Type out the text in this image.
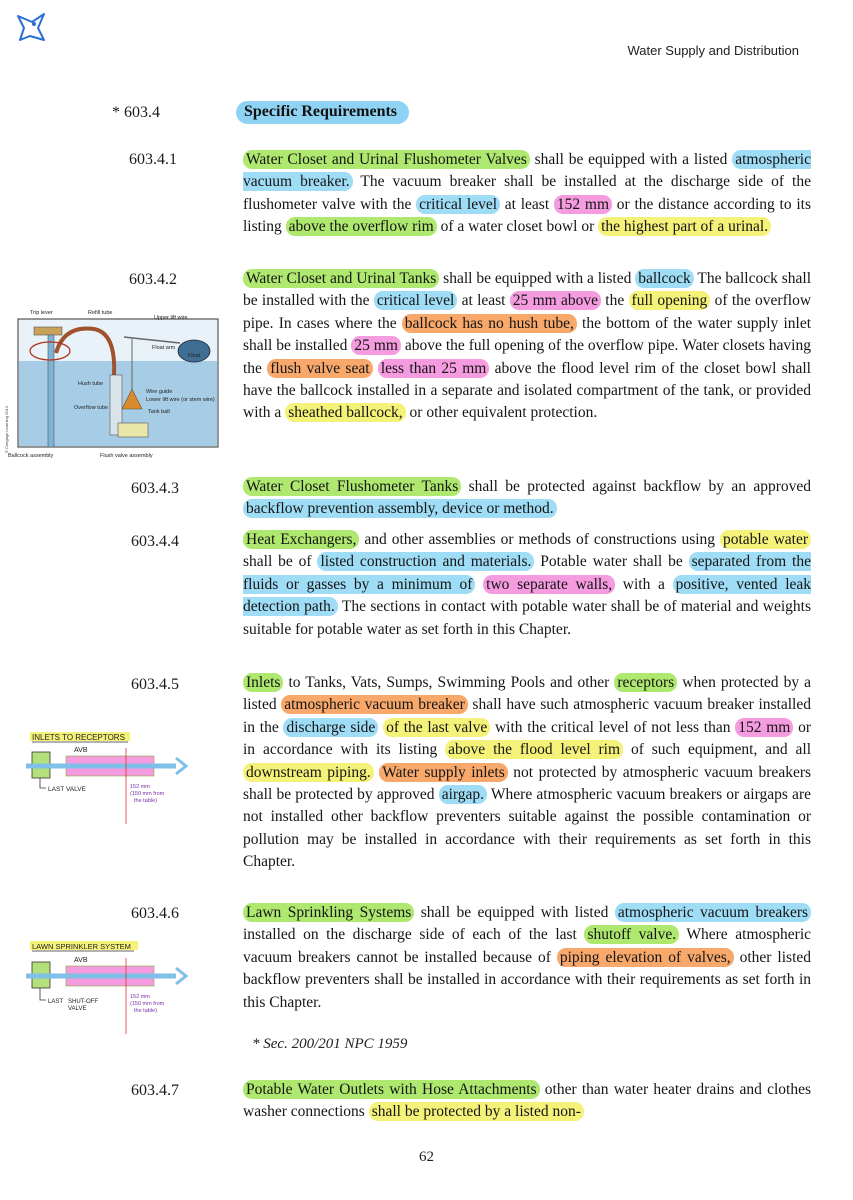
Water Supply and Distribution
* 603.4	Specific Requirements
603.4.1	Water Closet and Urinal Flushometer Valves shall be equipped with a listed atmospheric vacuum breaker. The vacuum breaker shall be installed at the discharge side of the flushometer valve with the critical level at least 152 mm or the distance according to its listing above the overflow rim of a water closet bowl or the highest part of a urinal.
603.4.2	Water Closet and Urinal Tanks shall be equipped with a listed ballcock The ballcock shall be installed with the critical level at least 25 mm above the full opening of the overflow pipe. In cases where the ballcock has no hush tube, the bottom of the water supply inlet shall be installed 25 mm above the full opening of the overflow pipe. Water closets having the flush valve seat less than 25 mm above the flood level rim of the closet bowl shall have the ballcock installed in a separate and isolated compartment of the tank, or provided with a sheathed ballcock, or other equivalent protection.
603.4.3	Water Closet Flushometer Tanks shall be protected against backflow by an approved backflow prevention assembly, device or method.
603.4.4	Heat Exchangers, and other assemblies or methods of constructions using potable water shall be of listed construction and materials. Potable water shall be separated from the fluids or gasses by a minimum of two separate walls, with a positive, vented leak detection path. The sections in contact with potable water shall be of material and weights suitable for potable water as set forth in this Chapter.
603.4.5	Inlets to Tanks, Vats, Sumps, Swimming Pools and other receptors when protected by a listed atmospheric vacuum breaker shall have such atmospheric vacuum breaker installed in the discharge side of the last valve with the critical level of not less than 152 mm or in accordance with its listing above the flood level rim of such equipment, and all downstream piping. Water supply inlets not protected by atmospheric vacuum breakers shall be protected by approved airgap. Where atmospheric vacuum breakers or airgaps are not installed other backflow preventers suitable against the possible contamination or pollution may be installed in accordance with their requirements as set forth in this Chapter.
603.4.6	Lawn Sprinkling Systems shall be equipped with listed atmospheric vacuum breakers installed on the discharge side of each of the last shutoff valve. Where atmospheric vacuum breakers cannot be installed because of piping elevation of valves, other listed backflow preventers shall be installed in accordance with their requirements as set forth in this Chapter.
* Sec. 200/201 NPC 1959
603.4.7	Potable Water Outlets with Hose Attachments other than water heater drains and clothes washer connections shall be protected by a listed non-
62
Trip lever	Refill tube
Upper lift wire
Float arm
Float
Hush tube
Overflow tube
Wire guide
Lower lift wire (or stem wire)
Tank ball
Ballcock assembly	Flush valve assembly
© Cengage Learning 2013
INLETS TO RECEPTORS
AVB
LAST VALVE	152 mm
(150 mm from
the table)
LAWN SPRINKLER SYSTEM
AVB
LAST SHUT-OFF
VALVE
152 mm
(150 mm from
the table)
